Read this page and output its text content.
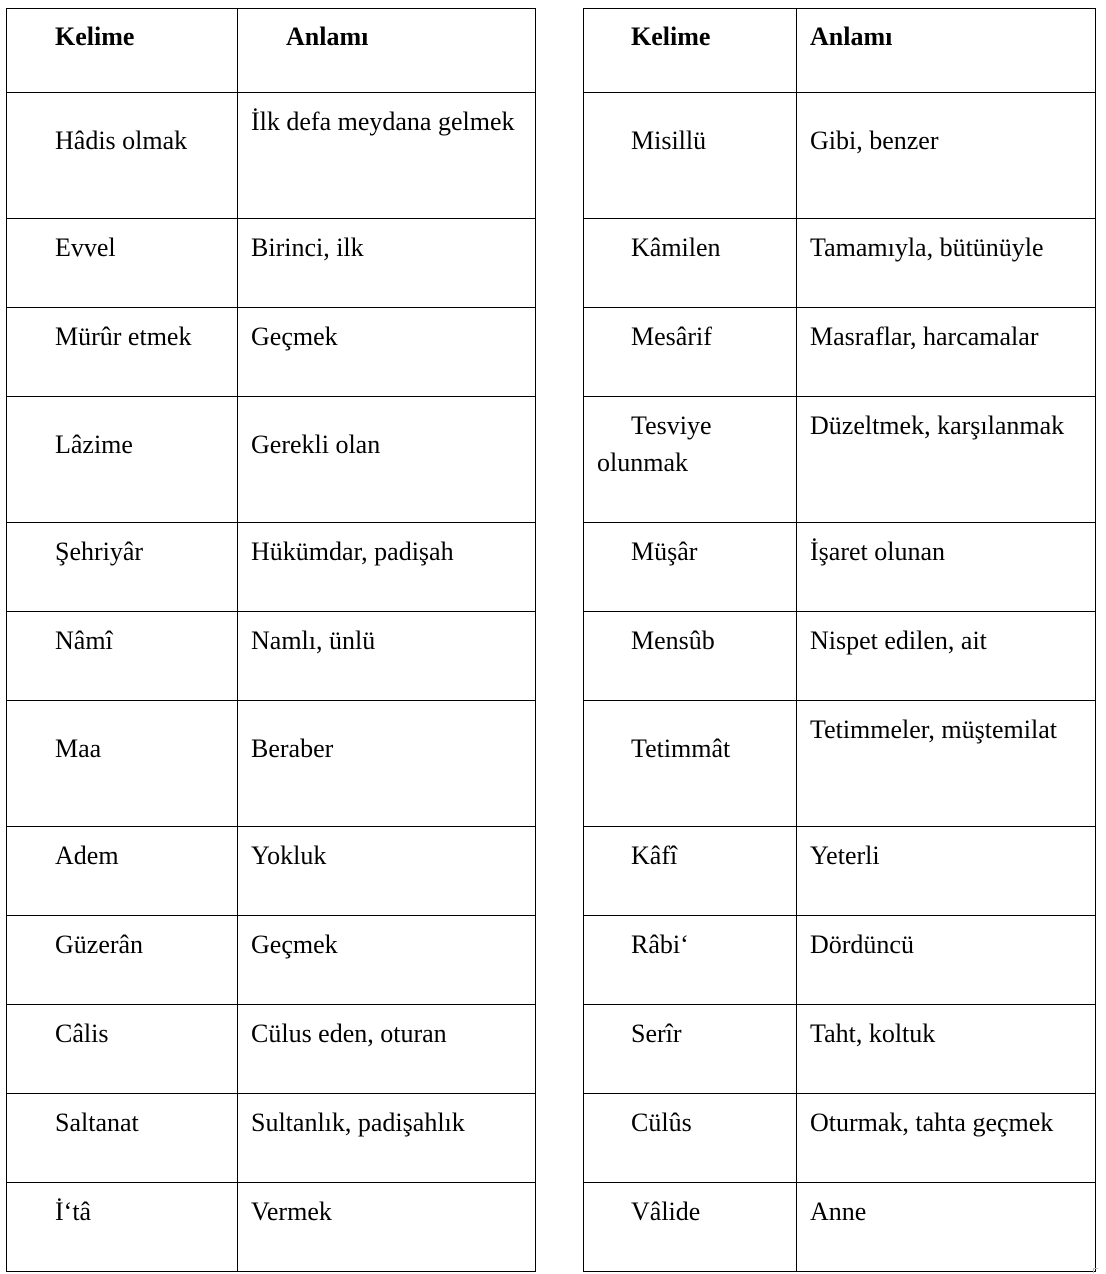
Kelime	Anlamı

Hâdis olmak	İlk defa meydana gelmek

Evvel	Birinci, ilk

Mürûr etmek	Geçmek

Lâzime	Gerekli olan

Şehriyâr	Hükümdar, padişah

Nâmî	Namlı, ünlü

Maa	Beraber

Adem	Yokluk

Güzerân	Geçmek

Câlis	Cülus eden, oturan

Saltanat	Sultanlık, padişahlık

İ‘tâ	Vermek
Kelime	Anlamı

Misillü	Gibi, benzer

Kâmilen	Tamamıyla, bütünüyle

Mesârif	Masraflar, harcamalar

Tesviye olunmak	Düzeltmek, karşılanmak

Müşâr	İşaret olunan

Mensûb	Nispet edilen, ait

Tetimmât	Tetimmeler, müştemilat

Kâfî	Yeterli

Râbi‘	Dördüncü

Serîr	Taht, koltuk

Cülûs	Oturmak, tahta geçmek

Vâlide	Anne
